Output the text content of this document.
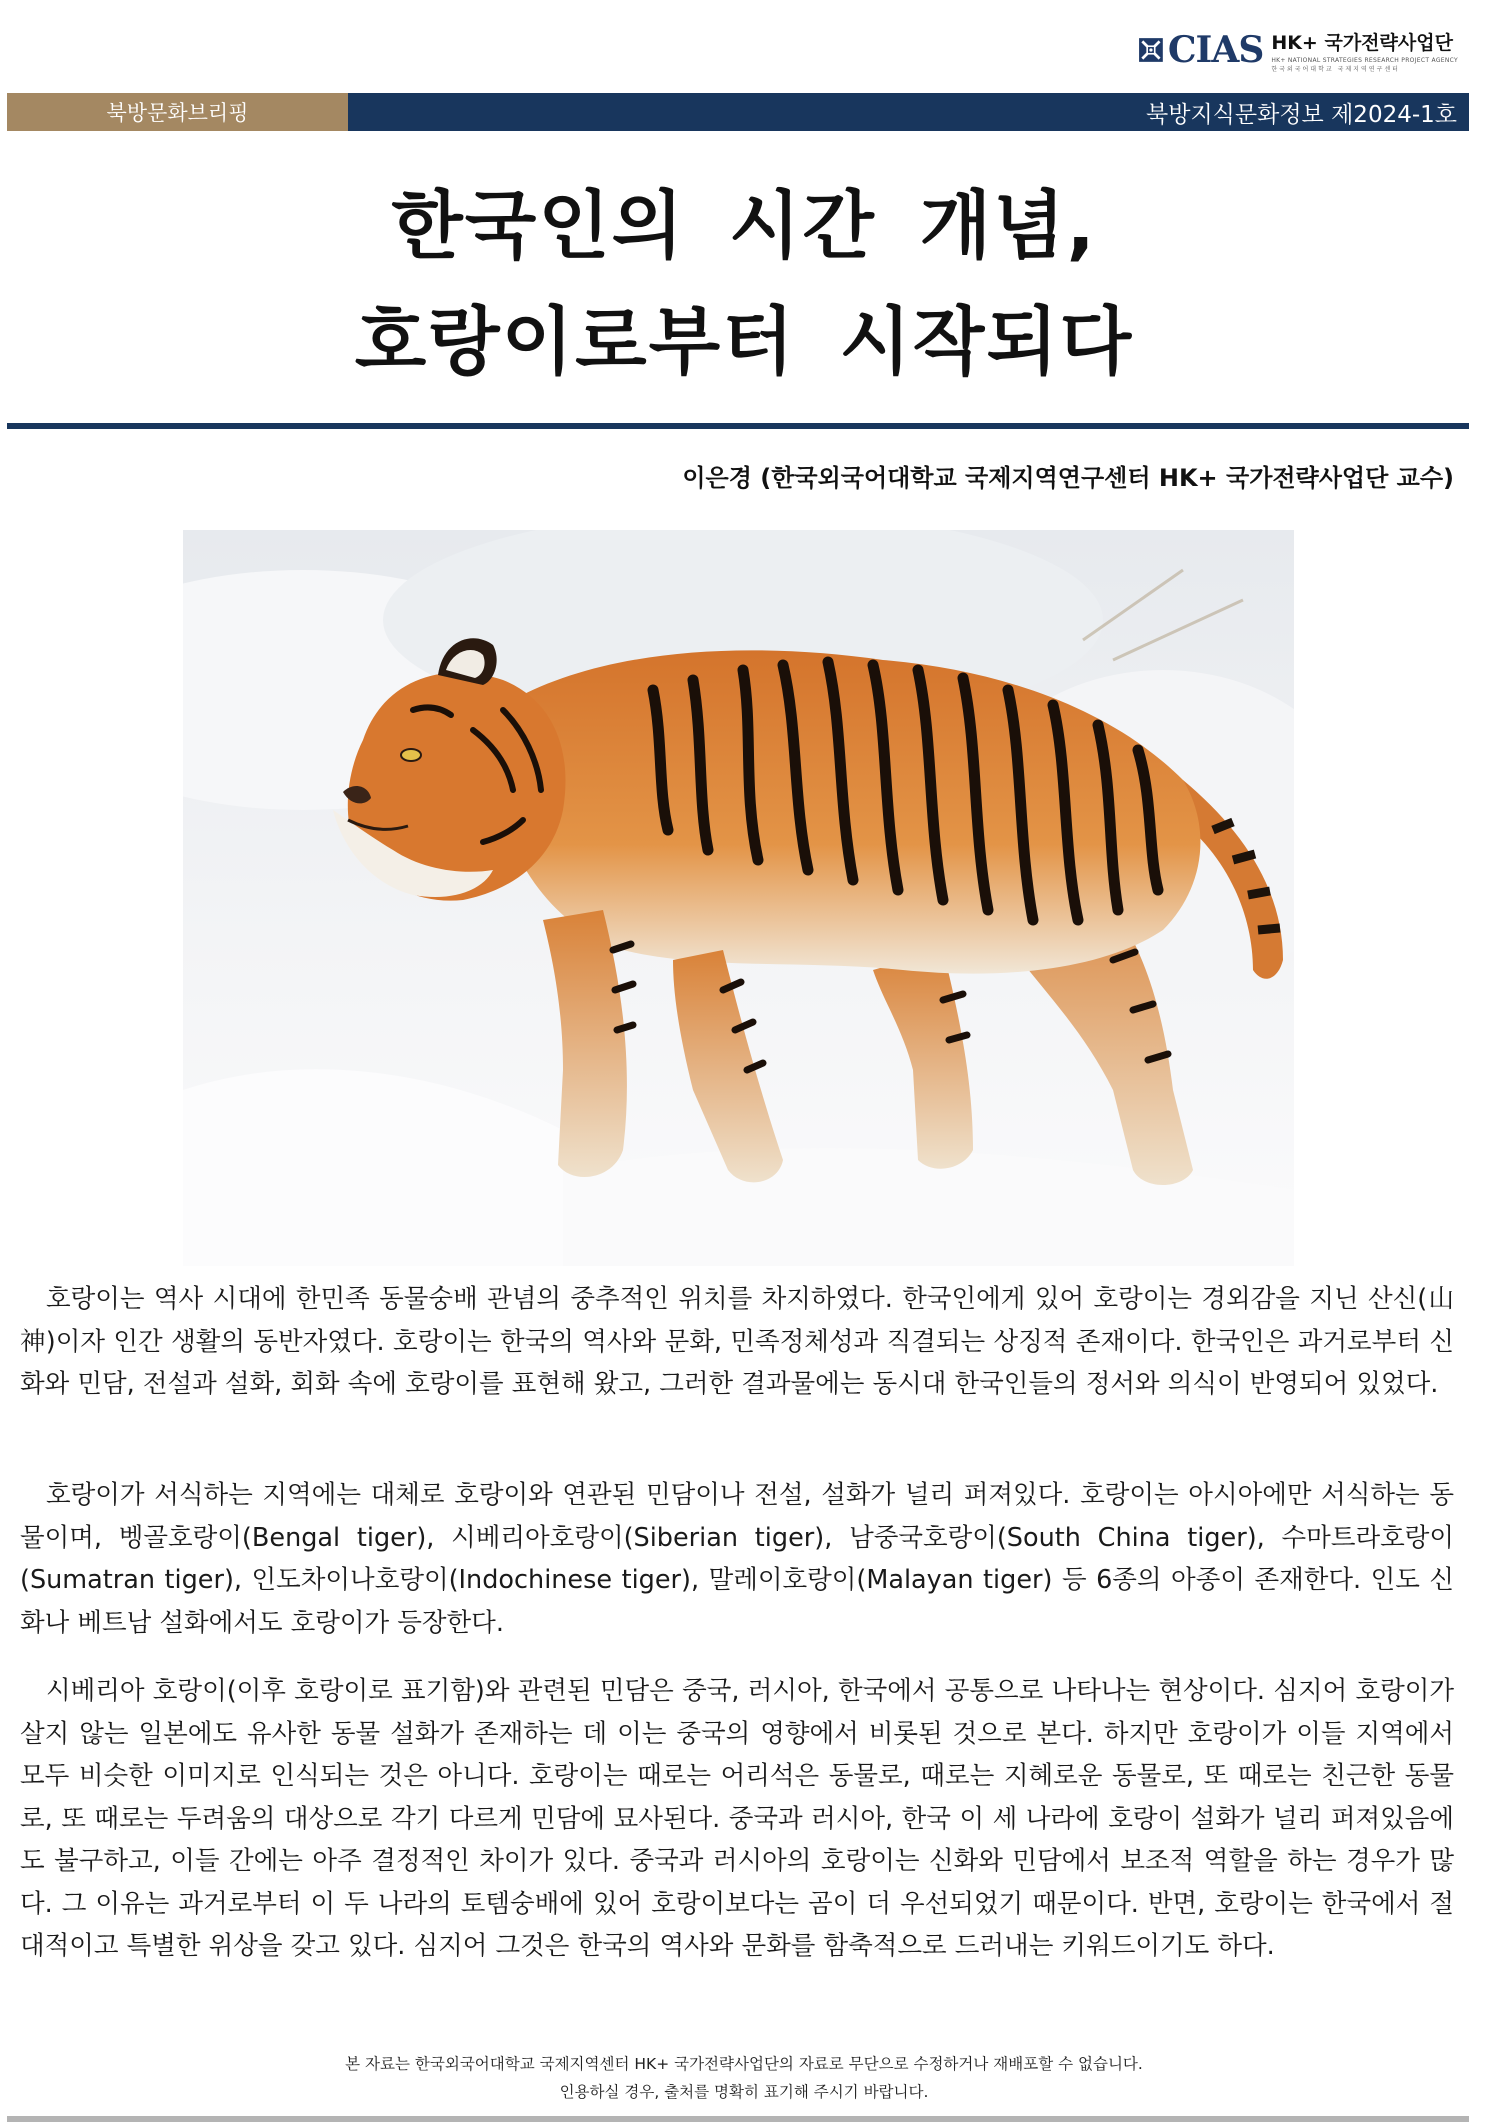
CIAS HK+ 국가전략사업단
HK+ NATIONAL STRATEGIES RESEARCH PROJECT AGENCY
한국외국어대학교 국제지역연구센터
북방문화브리핑	북방지식문화정보 제2024-1호
한국인의 시간 개념,
호랑이로부터 시작되다
이은경 (한국외국어대학교 국제지역연구센터 HK+ 국가전략사업단 교수)

호랑이는 역사 시대에 한민족 동물숭배 관념의 중추적인 위치를 차지하였다. 한국인에게 있어 호랑이는 경외감을 지닌 산신(山神)이자 인간 생활의 동반자였다. 호랑이는 한국의 역사와 문화, 민족정체성과 직결되는 상징적 존재이다. 한국인은 과거로부터 신화와 민담, 전설과 설화, 회화 속에 호랑이를 표현해 왔고, 그러한 결과물에는 동시대 한국인들의 정서와 의식이 반영되어 있었다.

호랑이가 서식하는 지역에는 대체로 호랑이와 연관된 민담이나 전설, 설화가 널리 퍼져있다. 호랑이는 아시아에만 서식하는 동물이며, 벵골호랑이(Bengal tiger), 시베리아호랑이(Siberian tiger), 남중국호랑이(South China tiger), 수마트라호랑이(Sumatran tiger), 인도차이나호랑이(Indochinese tiger), 말레이호랑이(Malayan tiger) 등 6종의 아종이 존재한다. 인도 신화나 베트남 설화에서도 호랑이가 등장한다.

시베리아 호랑이(이후 호랑이로 표기함)와 관련된 민담은 중국, 러시아, 한국에서 공통으로 나타나는 현상이다. 심지어 호랑이가 살지 않는 일본에도 유사한 동물 설화가 존재하는 데 이는 중국의 영향에서 비롯된 것으로 본다. 하지만 호랑이가 이들 지역에서 모두 비슷한 이미지로 인식되는 것은 아니다. 호랑이는 때로는 어리석은 동물로, 때로는 지혜로운 동물로, 또 때로는 친근한 동물로, 또 때로는 두려움의 대상으로 각기 다르게 민담에 묘사된다. 중국과 러시아, 한국 이 세 나라에 호랑이 설화가 널리 퍼져있음에도 불구하고, 이들 간에는 아주 결정적인 차이가 있다. 중국과 러시아의 호랑이는 신화와 민담에서 보조적 역할을 하는 경우가 많다. 그 이유는 과거로부터 이 두 나라의 토템숭배에 있어 호랑이보다는 곰이 더 우선되었기 때문이다. 반면, 호랑이는 한국에서 절대적이고 특별한 위상을 갖고 있다. 심지어 그것은 한국의 역사와 문화를 함축적으로 드러내는 키워드이기도 하다.

본 자료는 한국외국어대학교 국제지역센터 HK+ 국가전략사업단의 자료로 무단으로 수정하거나 재배포할 수 없습니다.
인용하실 경우, 출처를 명확히 표기해 주시기 바랍니다.
